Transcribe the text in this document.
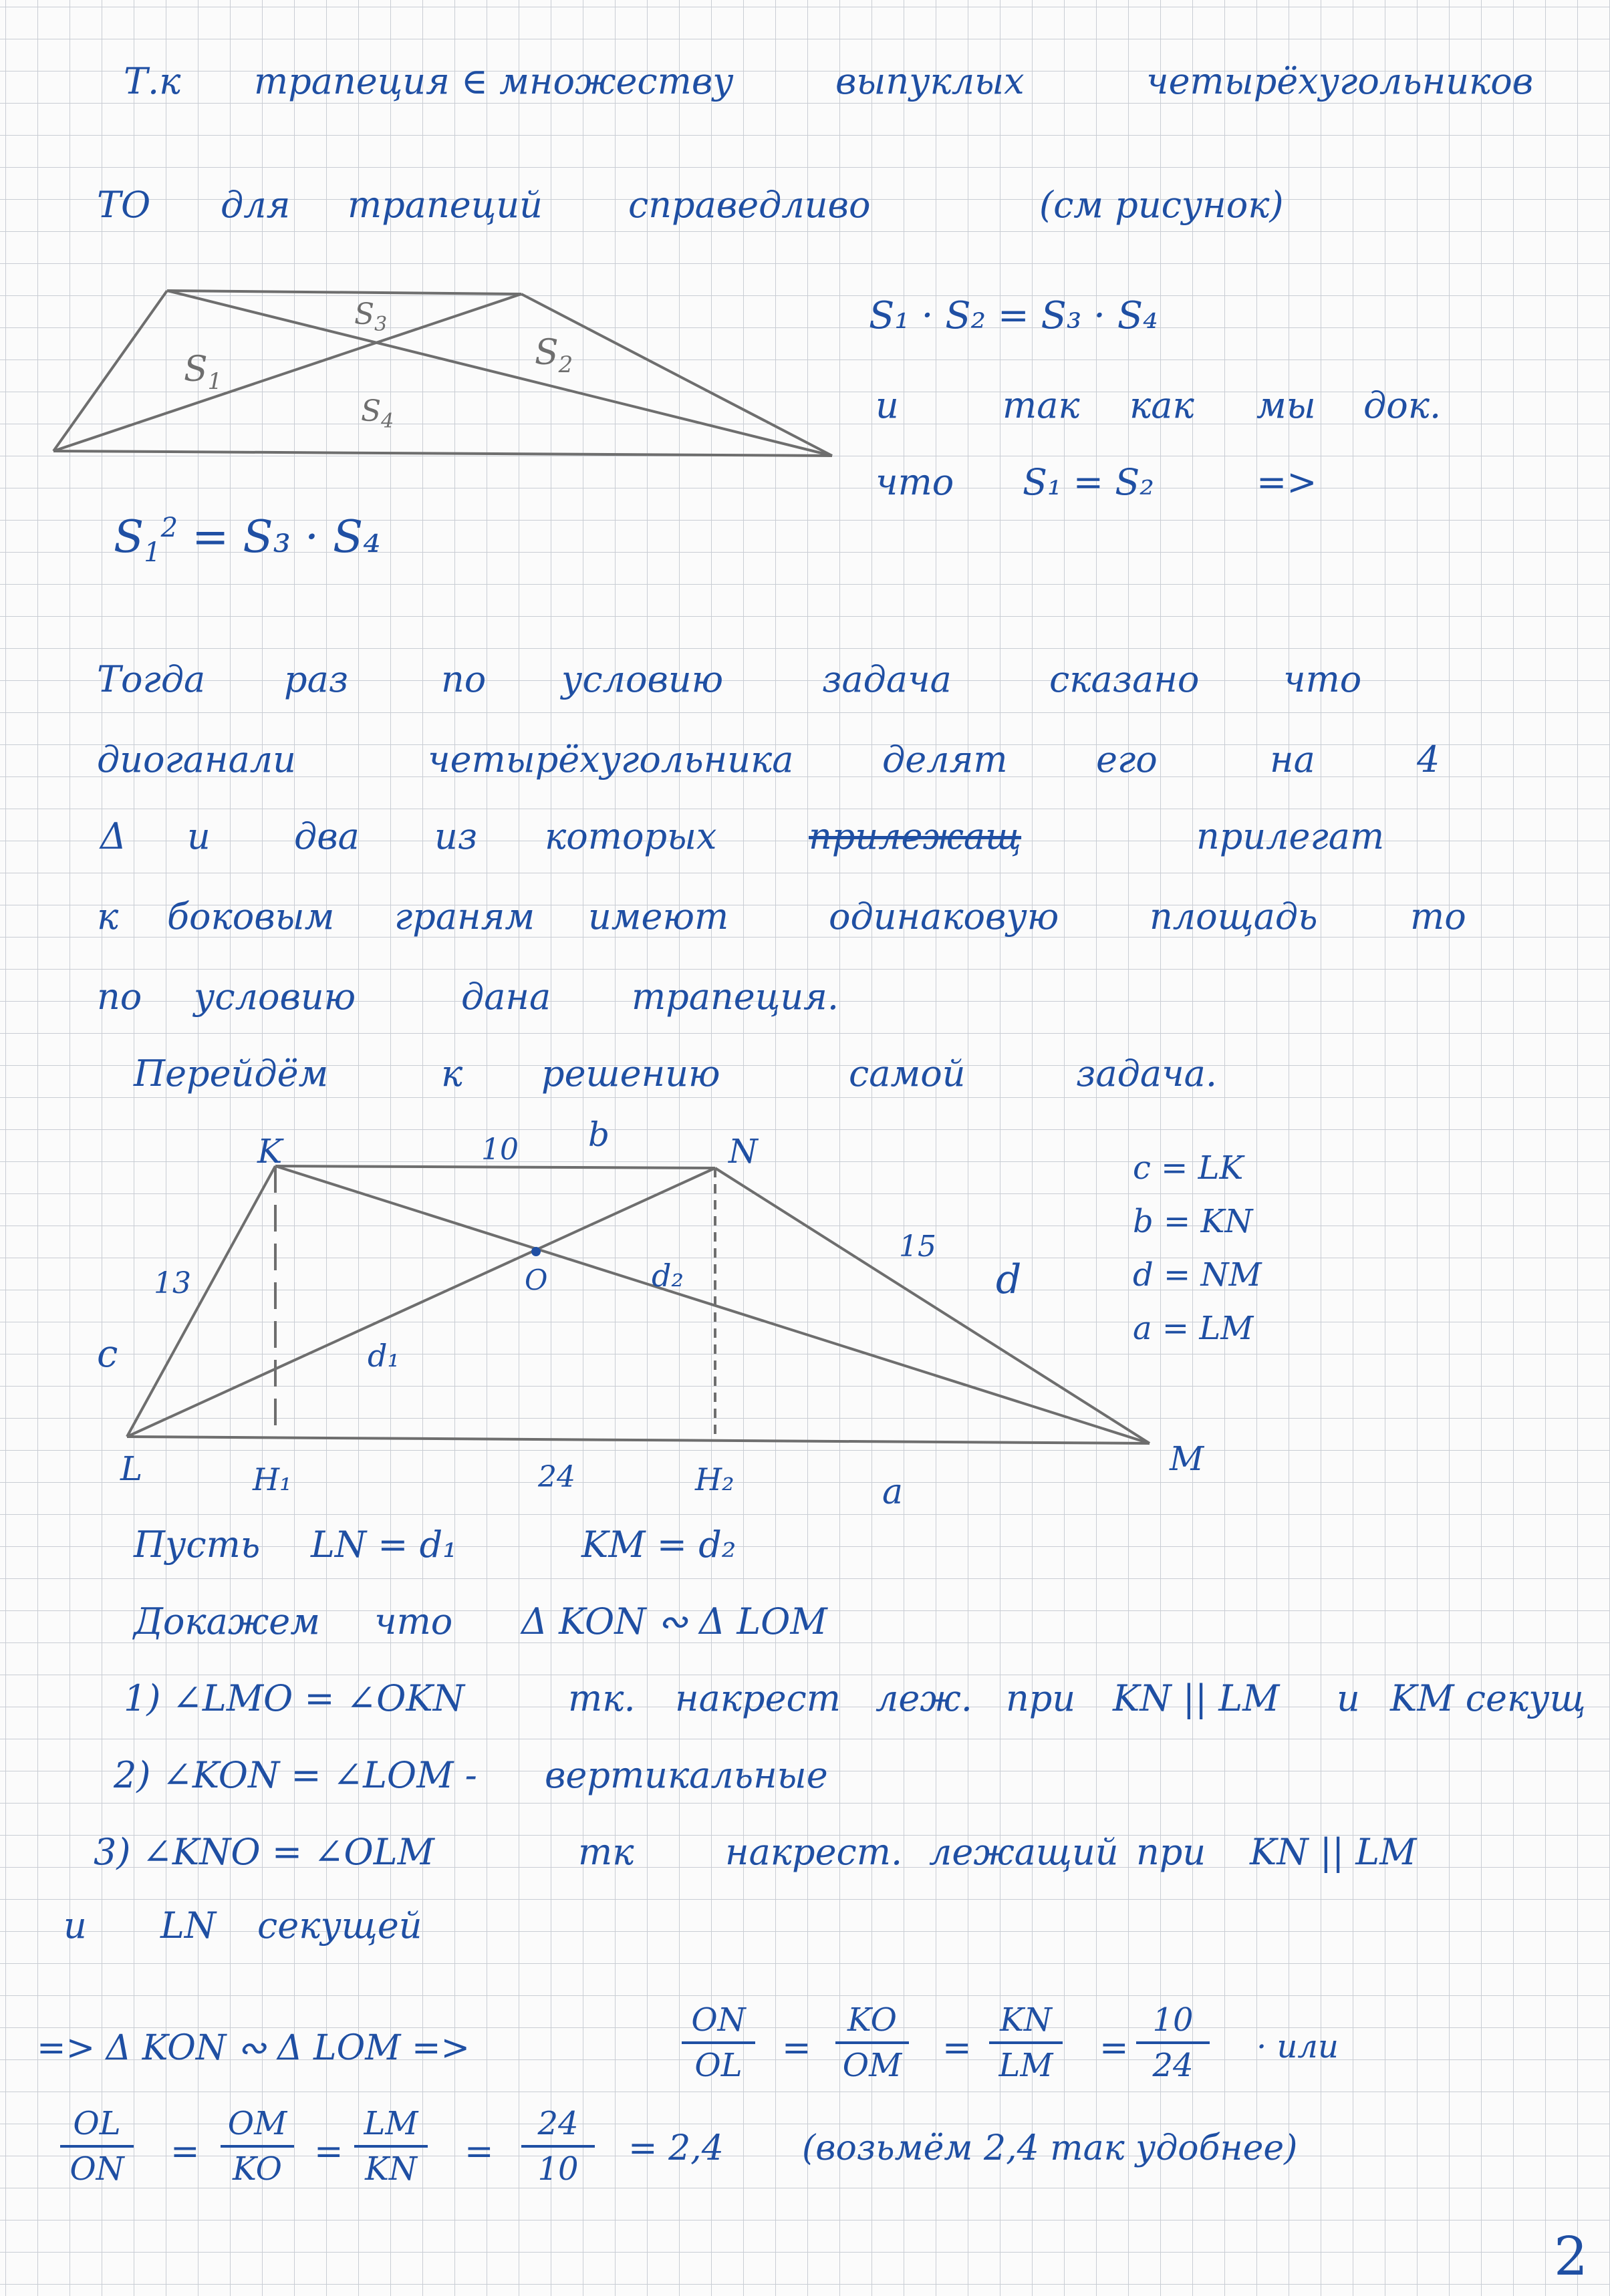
Т.к трапеция ∈ множеству	выпуклых	четырёхугольников
ТО для трапеций справедливо	(см рисунок)
$S_1$
$S_2$
$S_3$
$S_4$
S₁ · S₂ = S₃ · S₄
и	так как мы док.
что S₁ = S₂	=>
$S_1^2 = S_3 \cdot S_4$
Тогда раз	по условию	задача	сказано что
диоганали	четырёхугольника делят его	на	4
Δ и два из которых	прилежащ	прилегат
к боковым граням имеют	одинаковую	площадь	то
по условию	дана трапеция.
Перейдём	к решению	самой	задача.
K	N
L	M
O
H₁	H₂
10 b
13
c
15
d
24	a
d₁
d₂
c = LK
b = KN
d = NM
a = LM
Пусть LN = d₁	KM = d₂
Докажем что Δ KON ∾ Δ LOM
1) ∠LMO = ∠OKN	тк. накрест леж. при KN || LM и KM секущ
2) ∠KON = ∠LOM - вертикальные
3) ∠KNO = ∠OLM	тк	накрест. лежащий при KN || LM
и LN секущей
=> Δ KON ∾ Δ LOM =>	=	=	=
$\frac{ON}{OL}$	$\frac{KO}{OM}$	$\frac{KN}{LM} \frac{10}{24}$ · или
$\frac{OL}{ON} = \frac{OM}{KO} = \frac{LM}{KN} = \frac{24}{10} = 2,4$ (возьмём 2,4 так удобнее)
2
